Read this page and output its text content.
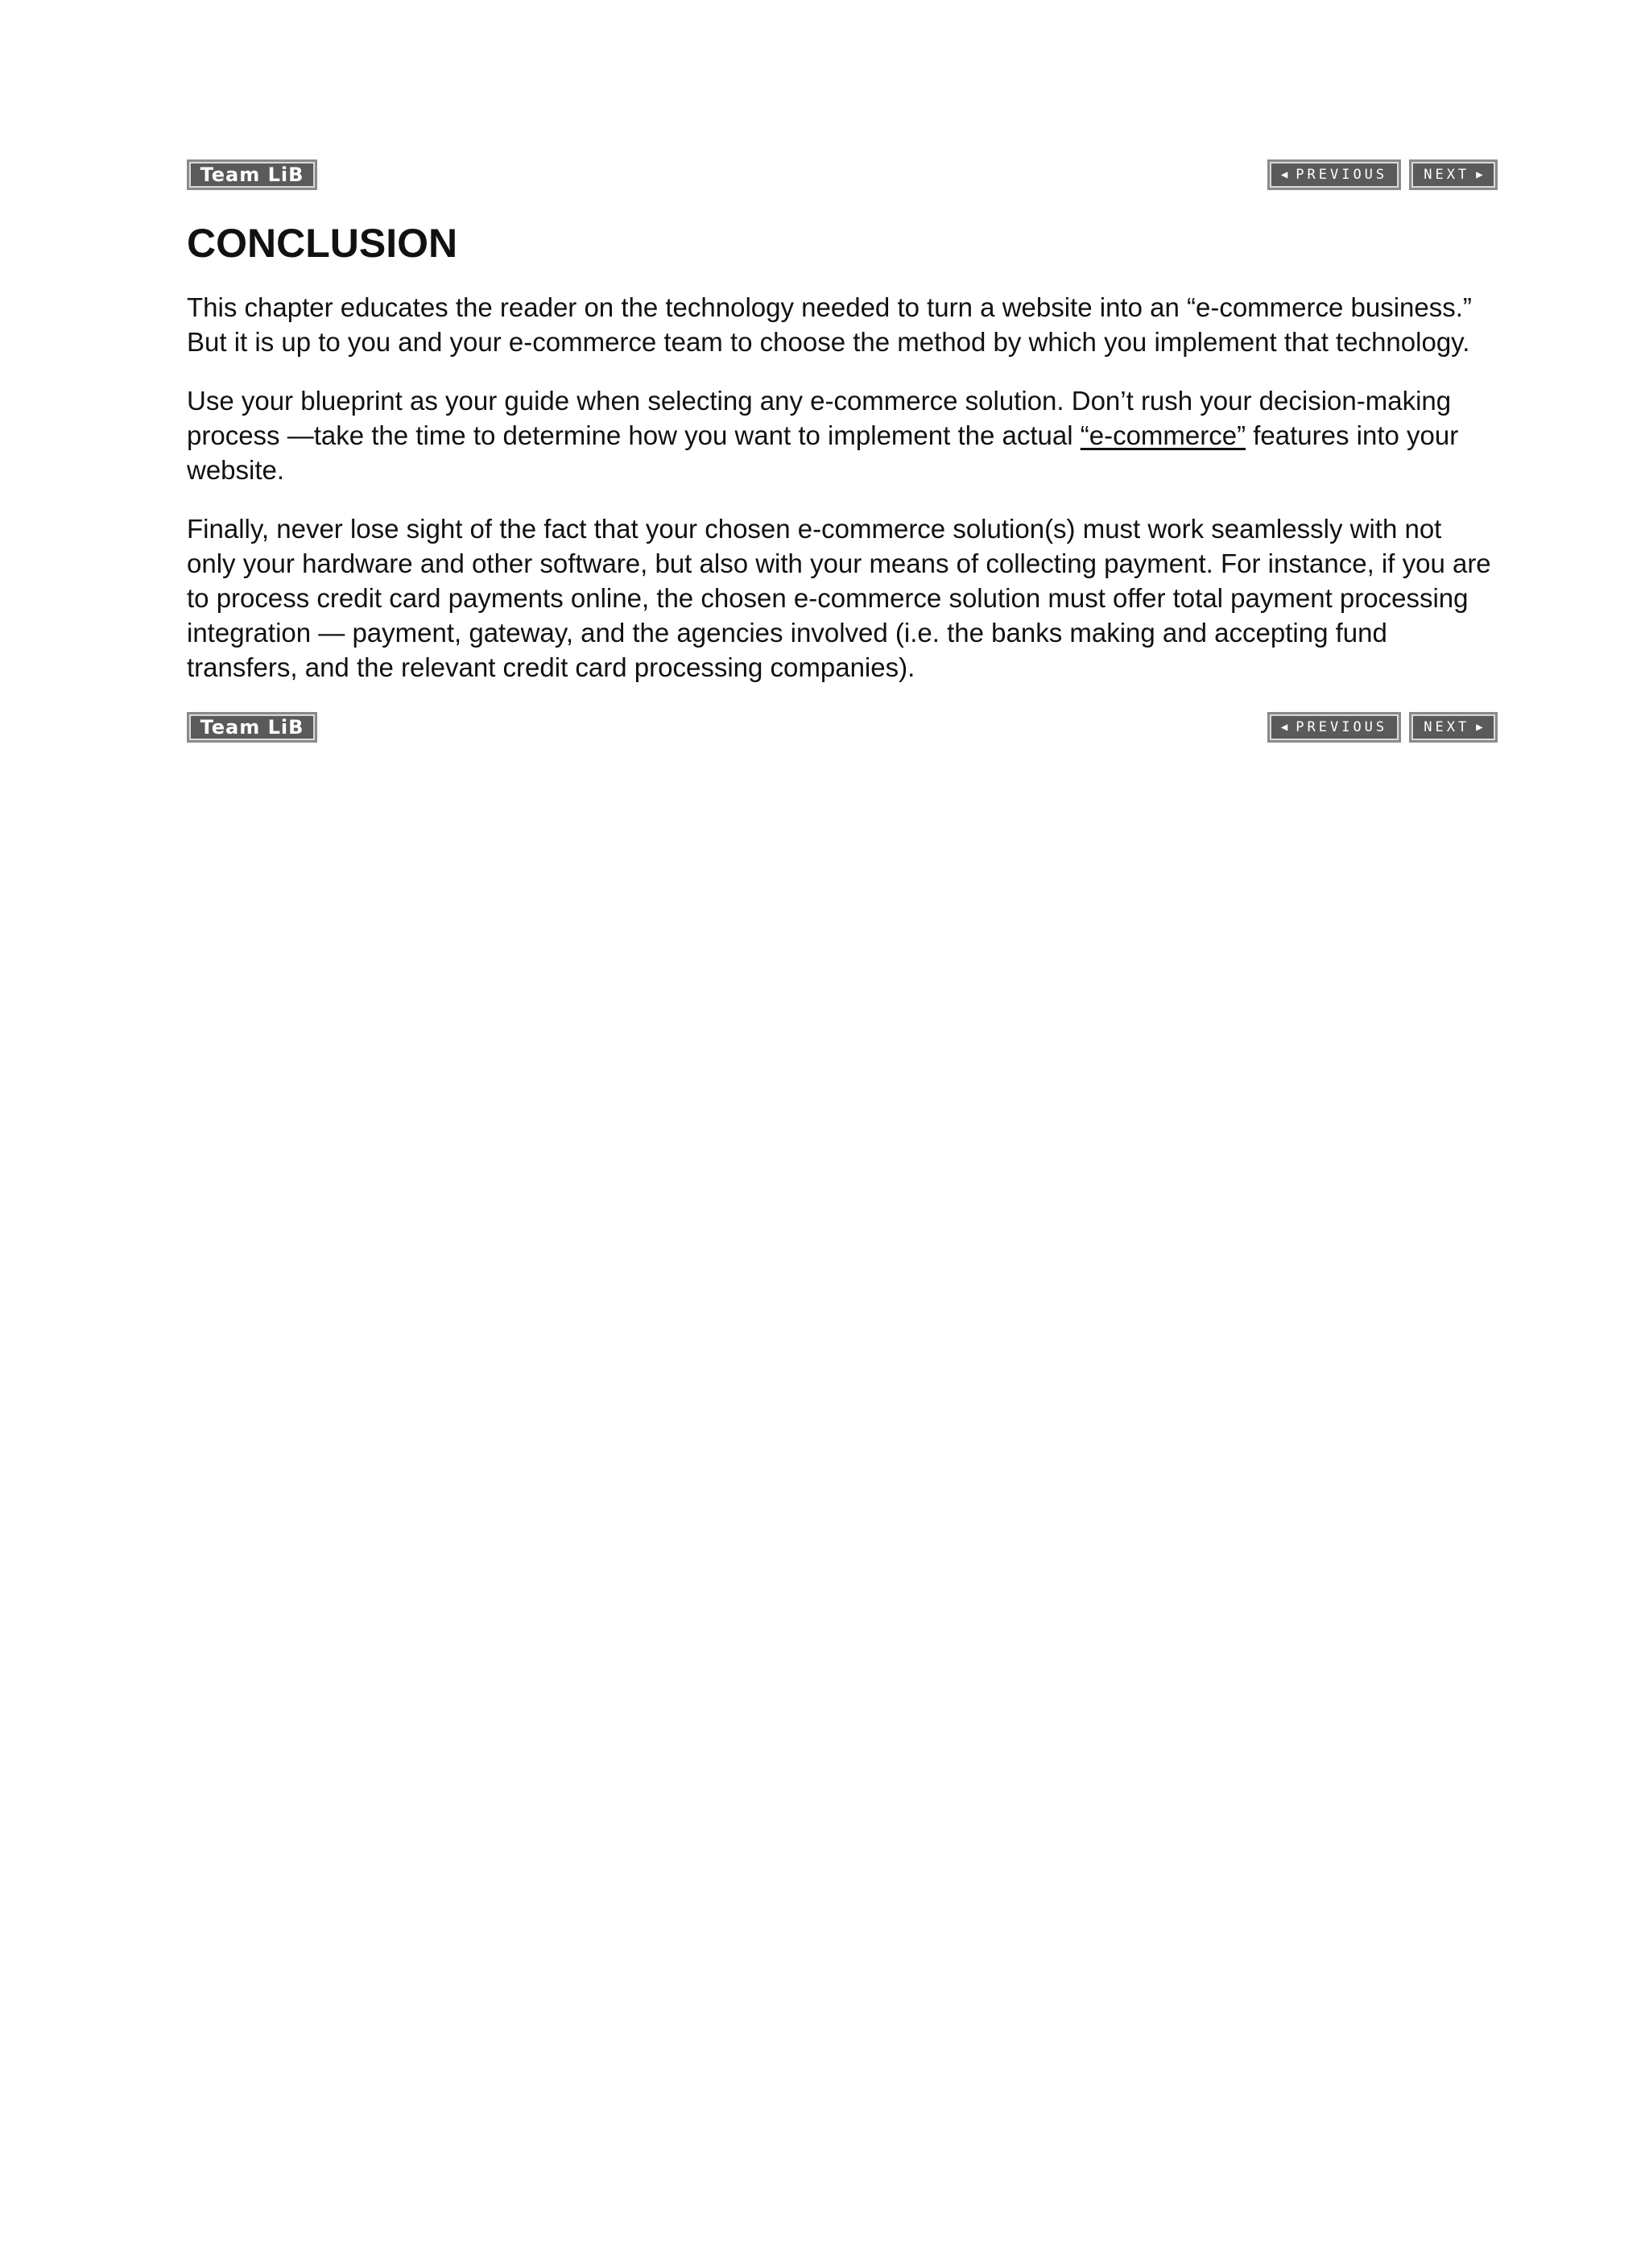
Team LiB	◀ PREVIOUS	NEXT ▶
CONCLUSION

This chapter educates the reader on the technology needed to turn a website into an “e-commerce business.” But it is up to you and your e-commerce team to choose the method by which you implement that technology.

Use your blueprint as your guide when selecting any e-commerce solution. Don’t rush your decision-making process —take the time to determine how you want to implement the actual “e-commerce” features into your website.

Finally, never lose sight of the fact that your chosen e-commerce solution(s) must work seamlessly with not only your hardware and other software, but also with your means of collecting payment. For instance, if you are to process credit card payments online, the chosen e-commerce solution must offer total payment processing integration — payment, gateway, and the agencies involved (i.e. the banks making and accepting fund transfers, and the relevant credit card processing companies).

Team LiB	◀ PREVIOUS	NEXT ▶
